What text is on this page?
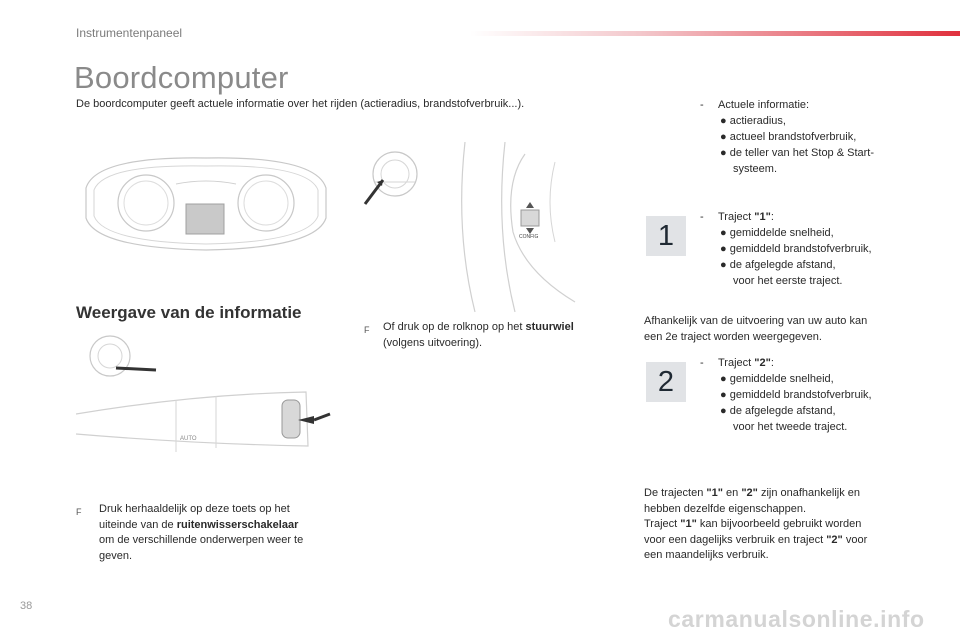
Instrumentenpaneel
Boordcomputer
De boordcomputer geeft actuele informatie over het rijden (actieradius, brandstofverbruik...).
CONFIG
Weergave van de informatie
AUTO
F Druk herhaaldelijk op deze toets op het
uiteinde van de ruitenwisserschakelaar
om de verschillende onderwerpen weer te
geven.
F Of druk op de rolknop op het stuurwiel
(volgens uitvoering).
- Actuele informatie:
● actieradius,
● actueel brandstofverbruik,
● de teller van het Stop & Start-
systeem.
1
- Traject "1":
● gemiddelde snelheid,
● gemiddeld brandstofverbruik,
● de afgelegde afstand,
voor het eerste traject.
Afhankelijk van de uitvoering van uw auto kan
een 2e traject worden weergegeven.
2
- Traject "2":
● gemiddelde snelheid,
● gemiddeld brandstofverbruik,
● de afgelegde afstand,
voor het tweede traject.
De trajecten "1" en "2" zijn onafhankelijk en
hebben dezelfde eigenschappen.
Traject "1" kan bijvoorbeeld gebruikt worden
voor een dagelijks verbruik en traject "2" voor
een maandelijks verbruik.
38	carmanualsonline.info
